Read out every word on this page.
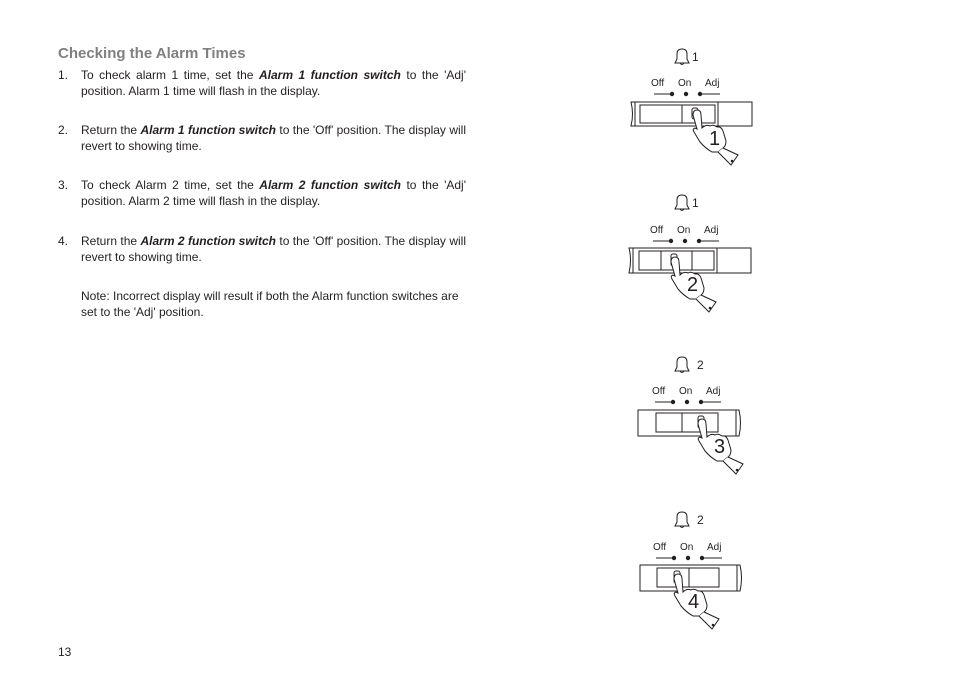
Checking the Alarm Times
1. To check alarm 1 time, set the Alarm 1 function switch to the 'Adj' position. Alarm 1 time will flash in the display.
2. Return the Alarm 1 function switch to the 'Off' position. The display will revert to showing time.
3. To check Alarm 2 time, set the Alarm 2 function switch to the 'Adj' position. Alarm 2 time will flash in the display.
4. Return the Alarm 2 function switch to the 'Off' position. The display will revert to showing time.
Note: Incorrect display will result if both the Alarm function switches are set to the 'Adj' position.
13
1
Off On Adj
1
1
Off On Adj
2
2
Off On Adj
3
2
Off On Adj
4
